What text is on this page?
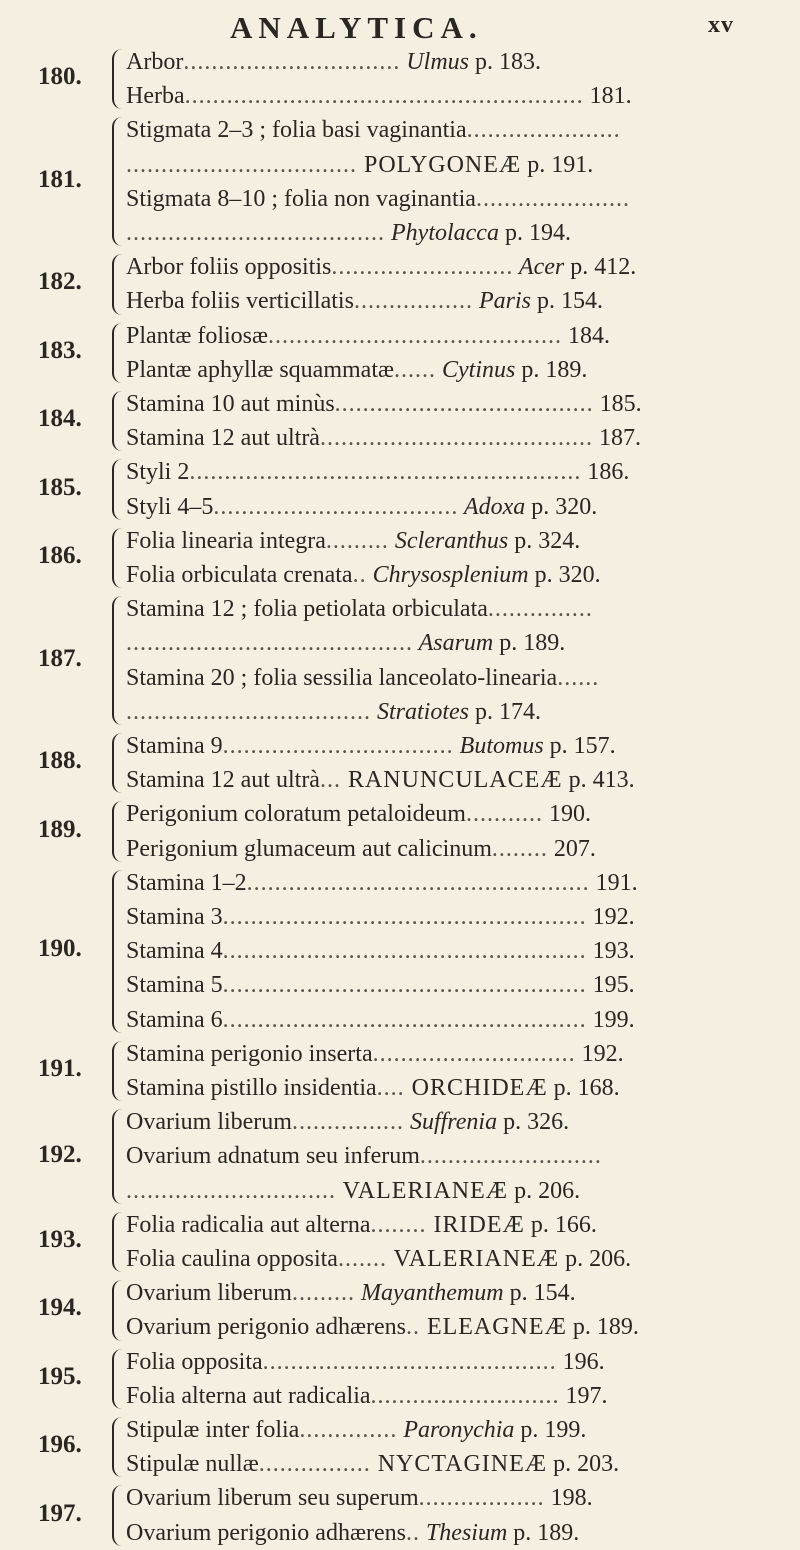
ANALYTICA.	xv
180.
Arbor............................... Ulmus p. 183.
Herba......................................................... 181.
181.
Stigmata 2–3 ; folia basi vaginantia......................
................................. POLYGONEÆ p. 191.
Stigmata 8–10 ; folia non vaginantia......................
..................................... Phytolacca p. 194.
182.
Arbor foliis oppositis.......................... Acer p. 412.
Herba foliis verticillatis................. Paris p. 154.
183.
Plantæ foliosæ.......................................... 184.
Plantæ aphyllæ squammatæ...... Cytinus p. 189.
184.
Stamina 10 aut minùs..................................... 185.
Stamina 12 aut ultrà....................................... 187.
185.
Styli 2........................................................ 186.
Styli 4–5................................... Adoxa p. 320.
186.
Folia linearia integra......... Scleranthus p. 324.
Folia orbiculata crenata.. Chrysosplenium p. 320.
187.
Stamina 12 ; folia petiolata orbiculata...............
......................................... Asarum p. 189.
Stamina 20 ; folia sessilia lanceolato-linearia......
................................... Stratiotes p. 174.
188.
Stamina 9................................. Butomus p. 157.
Stamina 12 aut ultrà... RANUNCULACEÆ p. 413.
189.
Perigonium coloratum petaloideum........... 190.
Perigonium glumaceum aut calicinum........ 207.
190.
Stamina 1–2................................................. 191.
Stamina 3.................................................... 192.
Stamina 4.................................................... 193.
Stamina 5.................................................... 195.
Stamina 6.................................................... 199.
191.
Stamina perigonio inserta............................. 192.
Stamina pistillo insidentia.... ORCHIDEÆ p. 168.
192.
Ovarium liberum................ Suffrenia p. 326.
Ovarium adnatum seu inferum..........................
.............................. VALERIANEÆ p. 206.
193.
Folia radicalia aut alterna........ IRIDEÆ p. 166.
Folia caulina opposita....... VALERIANEÆ p. 206.
194.
Ovarium liberum......... Mayanthemum p. 154.
Ovarium perigonio adhærens.. ELEAGNEÆ p. 189.
195.
Folia opposita.......................................... 196.
Folia alterna aut radicalia........................... 197.
196.
Stipulæ inter folia.............. Paronychia p. 199.
Stipulæ nullæ................ NYCTAGINEÆ p. 203.
197.
Ovarium liberum seu superum.................. 198.
Ovarium perigonio adhærens.. Thesium p. 189.
